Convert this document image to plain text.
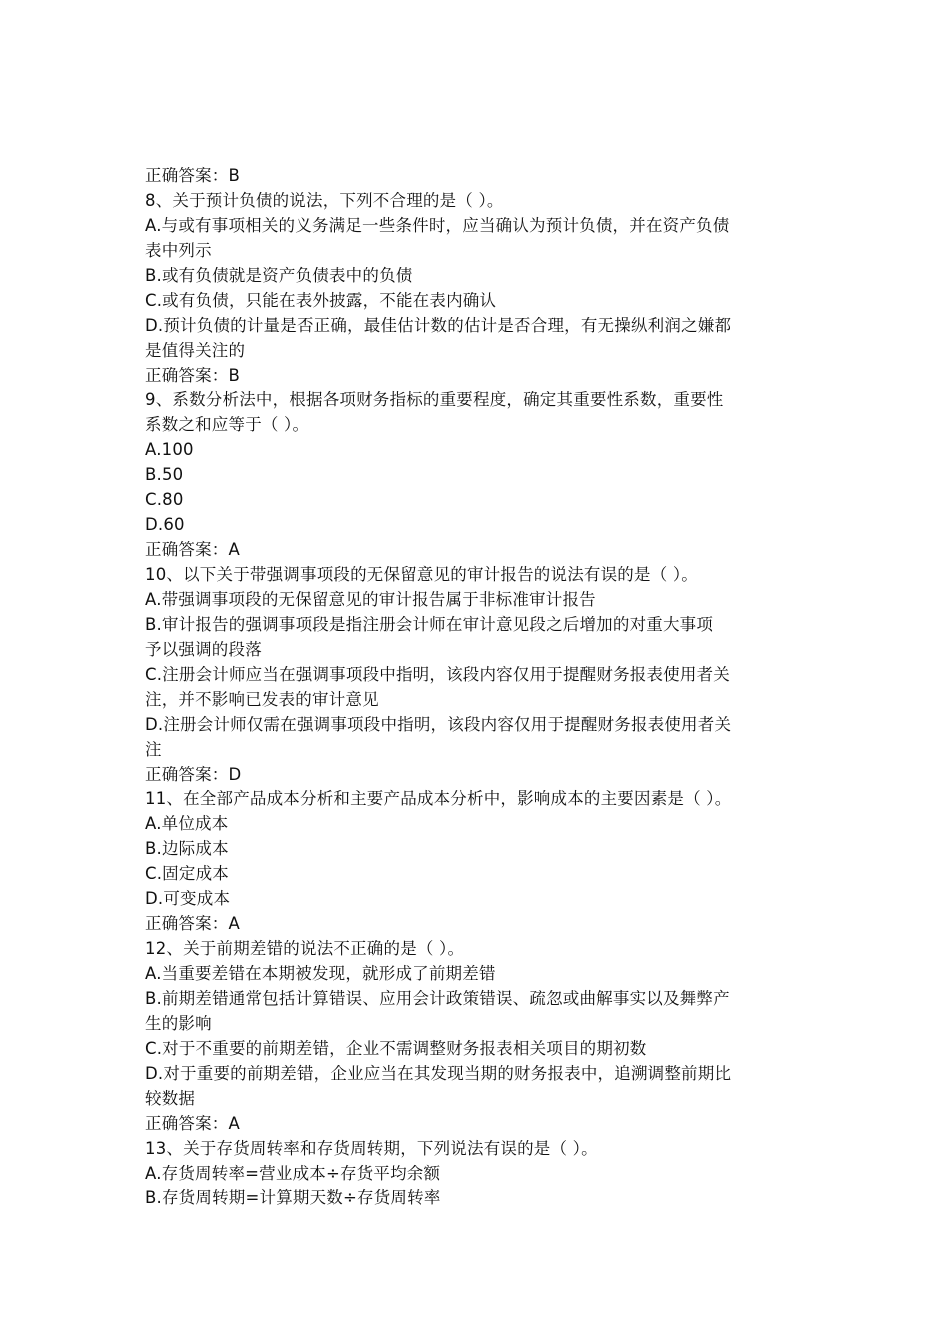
正确答案：B
8、关于预计负债的说法，下列不合理的是（ ）。
A.与或有事项相关的义务满足一些条件时，应当确认为预计负债，并在资产负债
表中列示
B.或有负债就是资产负债表中的负债
C.或有负债，只能在表外披露，不能在表内确认
D.预计负债的计量是否正确，最佳估计数的估计是否合理，有无操纵利润之嫌都
是值得关注的
正确答案：B
9、系数分析法中，根据各项财务指标的重要程度，确定其重要性系数，重要性
系数之和应等于（ ）。
A.100
B.50
C.80
D.60
正确答案：A
10、以下关于带强调事项段的无保留意见的审计报告的说法有误的是（ ）。
A.带强调事项段的无保留意见的审计报告属于非标准审计报告
B.审计报告的强调事项段是指注册会计师在审计意见段之后增加的对重大事项
予以强调的段落
C.注册会计师应当在强调事项段中指明，该段内容仅用于提醒财务报表使用者关
注，并不影响已发表的审计意见
D.注册会计师仅需在强调事项段中指明，该段内容仅用于提醒财务报表使用者关
注
正确答案：D
11、在全部产品成本分析和主要产品成本分析中，影响成本的主要因素是（ ）。
A.单位成本
B.边际成本
C.固定成本
D.可变成本
正确答案：A
12、关于前期差错的说法不正确的是（ ）。
A.当重要差错在本期被发现，就形成了前期差错
B.前期差错通常包括计算错误、应用会计政策错误、疏忽或曲解事实以及舞弊产
生的影响
C.对于不重要的前期差错，企业不需调整财务报表相关项目的期初数
D.对于重要的前期差错，企业应当在其发现当期的财务报表中，追溯调整前期比
较数据
正确答案：A
13、关于存货周转率和存货周转期，下列说法有误的是（ ）。
A.存货周转率=营业成本÷存货平均余额
B.存货周转期=计算期天数÷存货周转率
